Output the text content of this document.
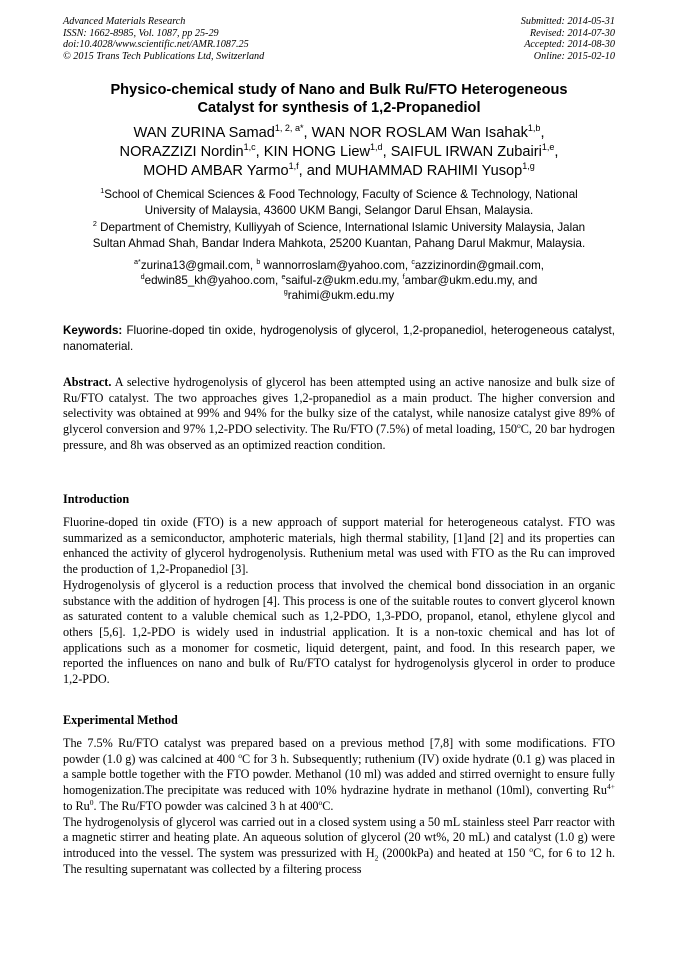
Advanced Materials Research
ISSN: 1662-8985, Vol. 1087, pp 25-29
doi:10.4028/www.scientific.net/AMR.1087.25
© 2015 Trans Tech Publications Ltd, Switzerland
Submitted: 2014-05-31
Revised: 2014-07-30
Accepted: 2014-08-30
Online: 2015-02-10
Physico-chemical study of Nano and Bulk Ru/FTO Heterogeneous
Catalyst for synthesis of 1,2-Propanediol
WAN ZURINA Samad$^{1, 2, a*}$, WAN NOR ROSLAM Wan Isahak$^{1,b}$,
NORAZZIZI Nordin$^{1,c}$, KIN HONG Liew$^{1,d}$, SAIFUL IRWAN Zubairi$^{1,e}$,
MOHD AMBAR Yarmo$^{1,f}$, and MUHAMMAD RAHIMI Yusop$^{1,g}$
$^1$School of Chemical Sciences & Food Technology, Faculty of Science & Technology, National
University of Malaysia, 43600 UKM Bangi, Selangor Darul Ehsan, Malaysia.
$^2$ Department of Chemistry, Kulliyyah of Science, International Islamic University Malaysia, Jalan
Sultan Ahmad Shah, Bandar Indera Mahkota, 25200 Kuantan, Pahang Darul Makmur, Malaysia.
$^{a*}$zurina13@gmail.com, $^b$ wannorroslam@yahoo.com, $^c$azzizinordin@gmail.com,
$^d$edwin85_kh@yahoo.com, $^e$saiful-z@ukm.edu.my, $^f$ambar@ukm.edu.my, and
$^g$rahimi@ukm.edu.my
Keywords: Fluorine-doped tin oxide, hydrogenolysis of glycerol, 1,2-propanediol, heterogeneous catalyst, nanomaterial.

Abstract. A selective hydrogenolysis of glycerol has been attempted using an active nanosize and bulk size of Ru/FTO catalyst. The two approaches gives 1,2-propanediol as a main product. The higher conversion and selectivity was obtained at 99% and 94% for the bulky size of the catalyst, while nanosize catalyst give 89% of glycerol conversion and 97% 1,2-PDO selectivity. The Ru/FTO (7.5%) of metal loading, 150$^o$C, 20 bar hydrogen pressure, and 8h was observed as an optimized reaction condition.

Introduction

Fluorine-doped tin oxide (FTO) is a new approach of support material for heterogeneous catalyst. FTO was summarized as a semiconductor, amphoteric materials, high thermal stability, [1]and [2] and its properties can enhanced the activity of glycerol hydrogenolysis. Ruthenium metal was used with FTO as the Ru can improved the production of 1,2-Propanediol [3].

Hydrogenolysis of glycerol is a reduction process that involved the chemical bond dissociation in an organic substance with the addition of hydrogen [4]. This process is one of the suitable routes to convert glycerol known as saturated content to a valuble chemical such as 1,2-PDO, 1,3-PDO, propanol, etanol, ethylene glycol and others [5,6]. 1,2-PDO is widely used in industrial application. It is a non-toxic chemical and has lot of applications such as a monomer for cosmetic, liquid detergent, paint, and food. In this research paper, we reported the influences on nano and bulk of Ru/FTO catalyst for hydrogenolysis glycerol in order to produce 1,2-PDO.

Experimental Method

The 7.5% Ru/FTO catalyst was prepared based on a previous method [7,8] with some modifications. FTO powder (1.0 g) was calcined at 400 $^o$C for 3 h. Subsequently; ruthenium (IV) oxide hydrate (0.1 g) was placed in a sample bottle together with the FTO powder. Methanol (10 ml) was added and stirred overnight to ensure fully homogenization.The precipitate was reduced with 10% hydrazine hydrate in methanol (10ml), converting $Ru^{4+}$ to Ru$^0$. The Ru/FTO powder was calcined 3 h at 400$^o$C.

The hydrogenolysis of glycerol was carried out in a closed system using a 50 mL stainless steel Parr reactor with a magnetic stirrer and heating plate. An aqueous solution of glycerol (20 wt%, 20 mL) and catalyst (1.0 g) were introduced into the vessel. The system was pressurized with $H_2$ (2000kPa) and heated at 150 $^o$C, for 6 to 12 h. The resulting supernatant was collected by a filtering process
